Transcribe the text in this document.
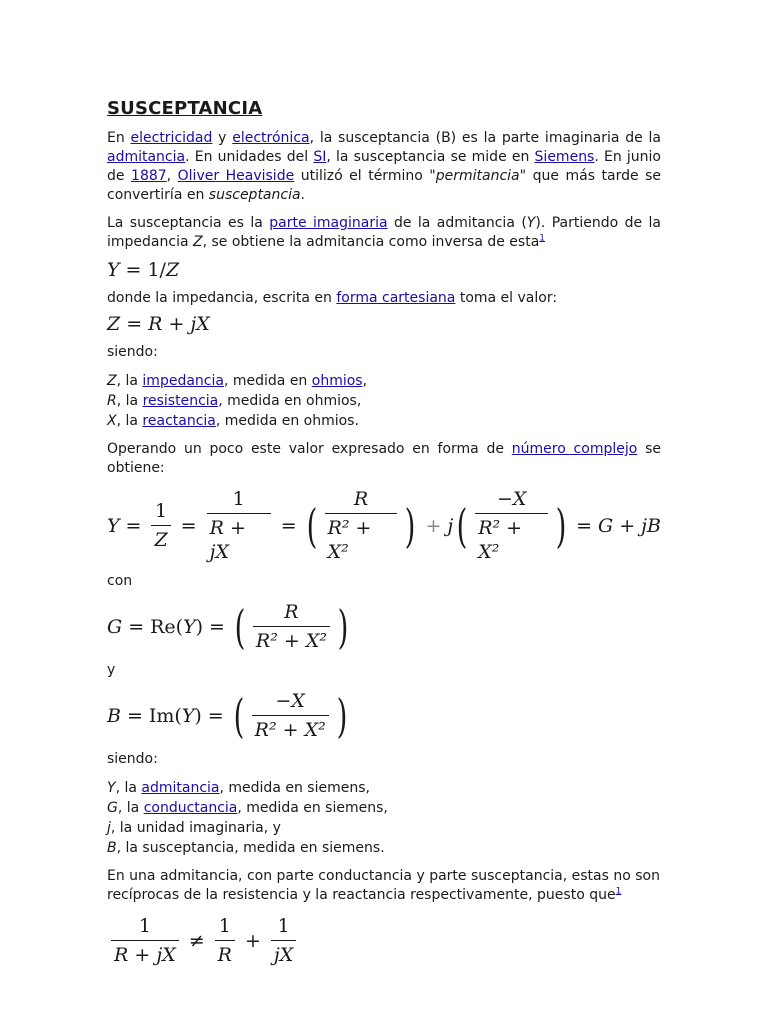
SUSCEPTANCIA

En electricidad y electrónica, la susceptancia (B) es la parte imaginaria de la admitancia. En unidades del SI, la susceptancia se mide en Siemens. En junio de 1887, Oliver Heaviside utilizó el término "permitancia" que más tarde se convertiría en susceptancia.

La susceptancia es la parte imaginaria de la admitancia (Y). Partiendo de la impedancia Z, se obtiene la admitancia como inversa de esta$^1$

Y = 1/ Z

donde la impedancia, escrita en forma cartesiana toma el valor:

Z = R + j X

siendo:

Z, la impedancia, medida en ohmios,

R, la resistencia, medida en ohmios,

X, la reactancia, medida en ohmios.

Operando un poco este valor expresado en forma de número complejo se obtiene:

$Y = \frac{1}{Z} = \frac{1}{R + jX}$ = ( $\frac{R}{\text{R² + X²}}$ ) + j ( $\frac{-X}{\text{R² + X²}}$ ) = G + jB

con

G = Re( Y ) = ( $\frac{R}{\text{R² + X²}}$ )

y

B = Im( Y ) = ( $\frac{-X}{\text{R² + X²}}$ )

siendo:

Y, la admitancia, medida en siemens,

G, la conductancia, medida en siemens,

j, la unidad imaginaria, y

B, la susceptancia, medida en siemens.

En una admitancia, con parte conductancia y parte susceptancia, estas no son recíprocas de la resistencia y la reactancia respectivamente, puesto que$^1$

$\frac{1}{R + jX} \ne \frac{1}{R} + \frac{1}{jX}$
